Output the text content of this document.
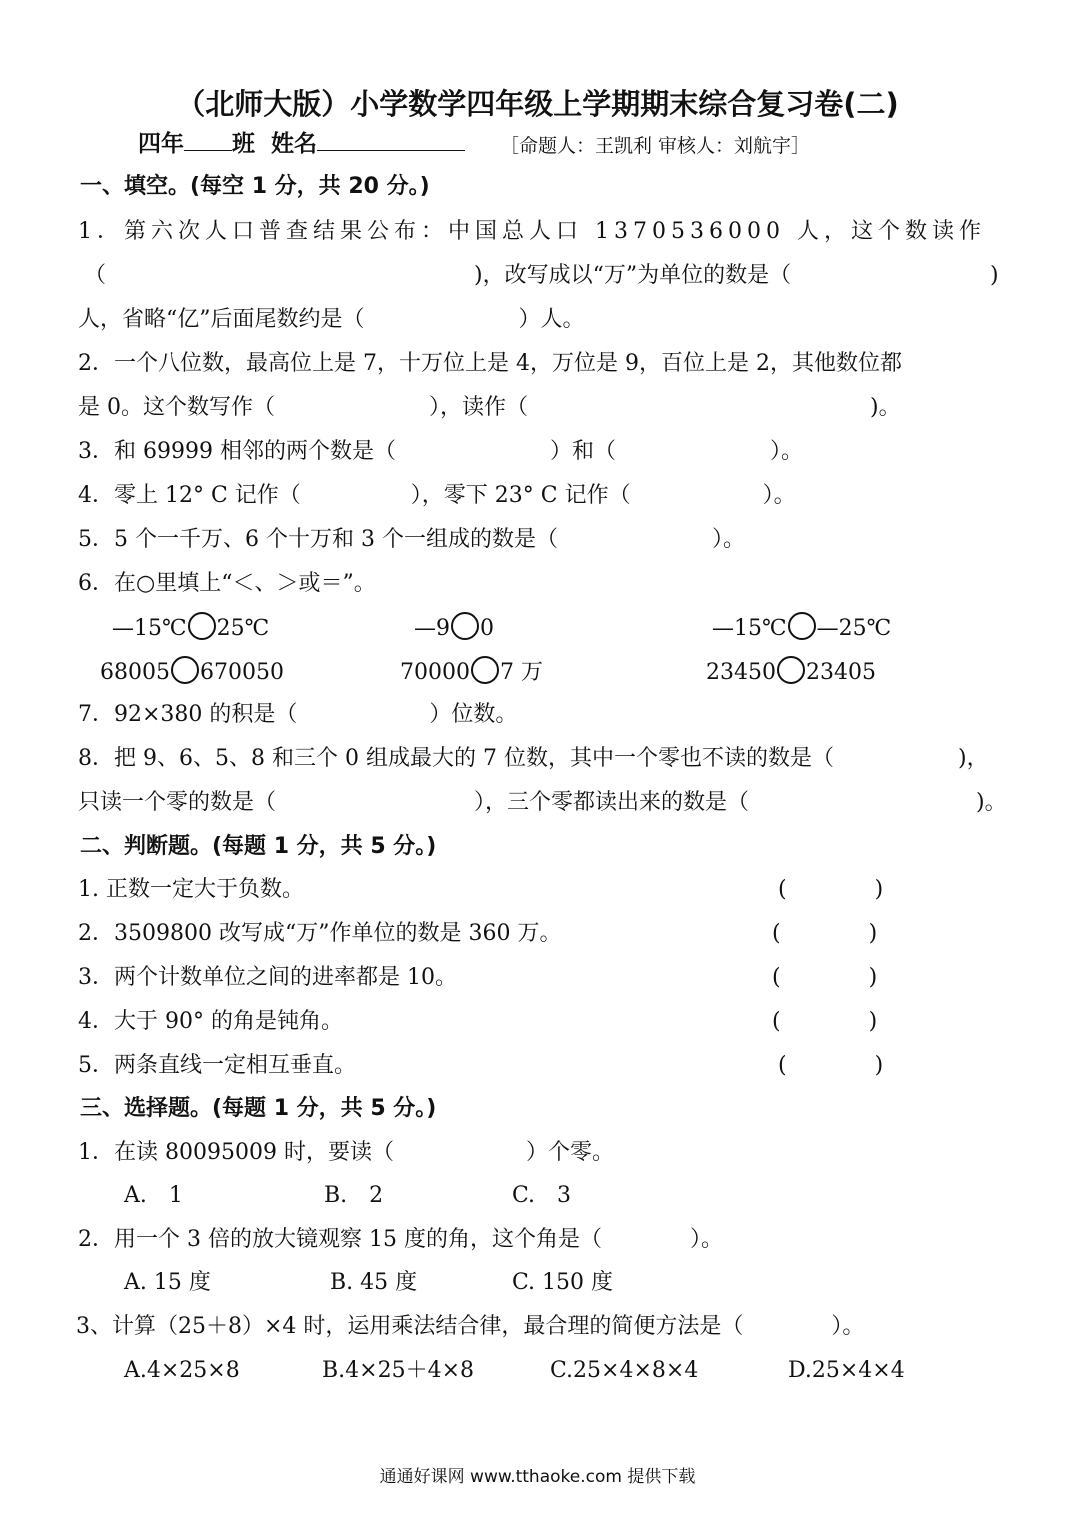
（北师大版）小学数学四年级上学期期末综合复习卷(二)
四年 班 姓名	［命题人：王凯利 审核人：刘航宇］
一、填空。(每空 1 分，共 20 分。)
1．第六次人口普查结果公布：中国总人口 1370536000 人，这个数读作
（	)，改写成以“万”为单位的数是（	)
人，省略“亿”后面尾数约是（　　　　　　　）人。
2．一个八位数，最高位上是 7，十万位上是 4，万位是 9，百位上是 2，其他数位都
是 0。这个数写作（　　　　　　　），读作（	)。
3．和 69999 相邻的两个数是（　　　　　　　）和（　　　　　　　）。
4．零上 12° C 记作（　　　　　），零下 23° C 记作（　　　　　　）。
5．5 个一千万、6 个十万和 3 个一组成的数是（　　　　　　　）。
6．在○里填上“＜、＞或＝”。
—15℃ 25℃	—9 0	—15℃ —25℃
68005 670050	70000 7 万	23450 23405
7．92×380 的积是（　　　　　　）位数。
8．把 9、6、5、8 和三个 0 组成最大的 7 位数，其中一个零也不读的数是（	)，
只读一个零的数是（　　　　　　　　　），三个零都读出来的数是（	)。
二、判断题。(每题 1 分，共 5 分。)
1. 正数一定大于负数。	(　　　　)
2．3509800 改写成“万”作单位的数是 360 万。	(　　　　)
3．两个计数单位之间的进率都是 10。	(　　　　)
4．大于 90° 的角是钝角。	(　　　　)
5．两条直线一定相互垂直。	(　　　　)
三、选择题。(每题 1 分，共 5 分。)
1．在读 80095009 时，要读（　　　　　　）个零。
A.　1	B.　2	C.　3
2．用一个 3 倍的放大镜观察 15 度的角，这个角是（　　　　）。
A. 15 度	B. 45 度	C. 150 度
3、计算（25＋8）×4 时，运用乘法结合律，最合理的简便方法是（　　　　）。
A.4×25×8	B.4×25＋4×8	C.25×4×8×4	D.25×4×4
通通好课网 www.tthaoke.com 提供下载
